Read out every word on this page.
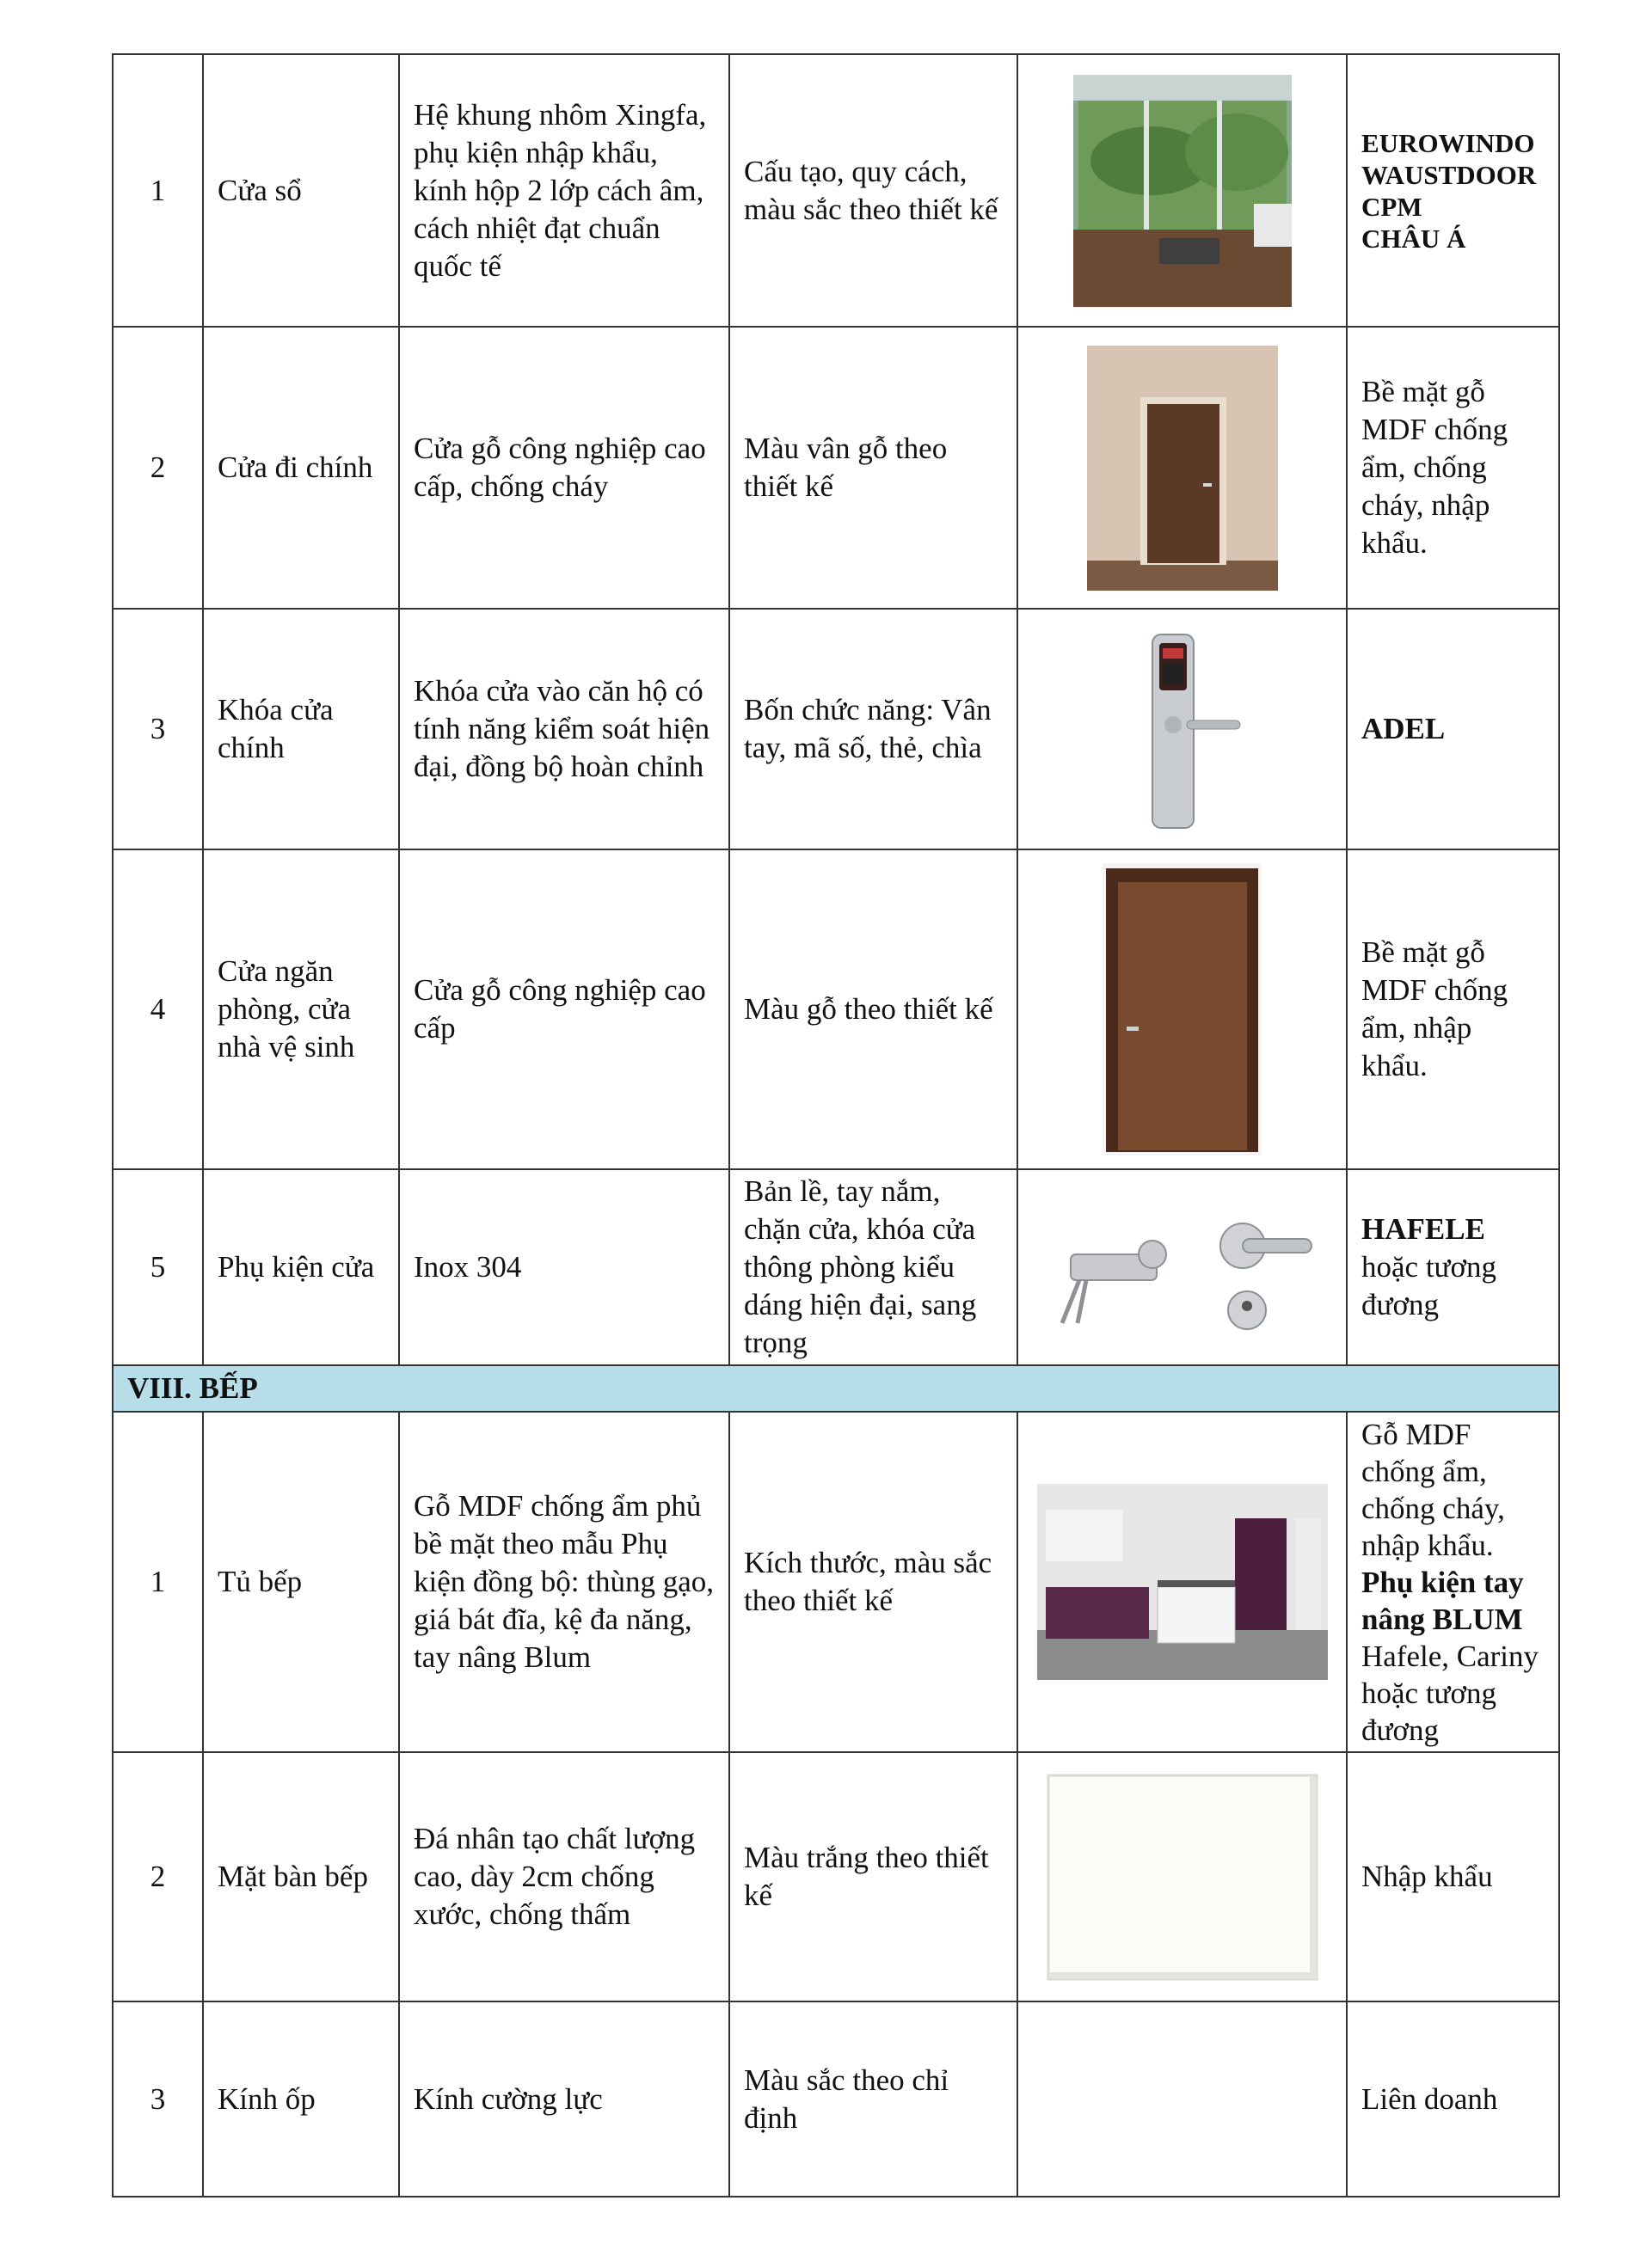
1	Cửa sổ	Hệ khung nhôm Xingfa, phụ kiện nhập khẩu, kính hộp 2 lớp cách âm, cách nhiệt đạt chuẩn quốc tế	Cấu tạo, quy cách, màu sắc theo thiết kế		EUROWINDO
WAUSTDOOR
CPM
CHÂU Á

2	Cửa đi chính	Cửa gỗ công nghiệp cao cấp, chống cháy	Màu vân gỗ theo thiết kế		Bề mặt gỗ MDF chống ẩm, chống cháy, nhập khẩu.
3	Khóa cửa chính	Khóa cửa vào căn hộ có tính năng kiểm soát hiện đại, đồng bộ hoàn chỉnh	Bốn chức năng: Vân tay, mã số, thẻ, chìa		ADEL
4	Cửa ngăn phòng, cửa nhà vệ sinh	Cửa gỗ công nghiệp cao cấp	Màu gỗ theo thiết kế		Bề mặt gỗ MDF chống ẩm, nhập khẩu.
5	Phụ kiện cửa	Inox 304	Bản lề, tay nắm, chặn cửa, khóa cửa thông phòng kiểu dáng hiện đại, sang trọng		HAFELE
hoặc tương đương
VIII. BẾP					
1	Tủ bếp	Gỗ MDF chống ẩm phủ bề mặt theo mẫu Phụ kiện đồng bộ: thùng gạo, giá bát đĩa, kệ đa năng, tay nâng Blum	Kích thước, màu sắc theo thiết kế		Gỗ MDF chống ẩm, chống cháy, nhập khẩu.
Phụ kiện tay nâng BLUM
Hafele, Cariny hoặc tương đương

2	Mặt bàn bếp	Đá nhân tạo chất lượng cao, dày 2cm chống xước, chống thấm	Màu trắng theo thiết kế		Nhập khẩu
3	Kính ốp	Kính cường lực	Màu sắc theo chỉ định		Liên doanh
